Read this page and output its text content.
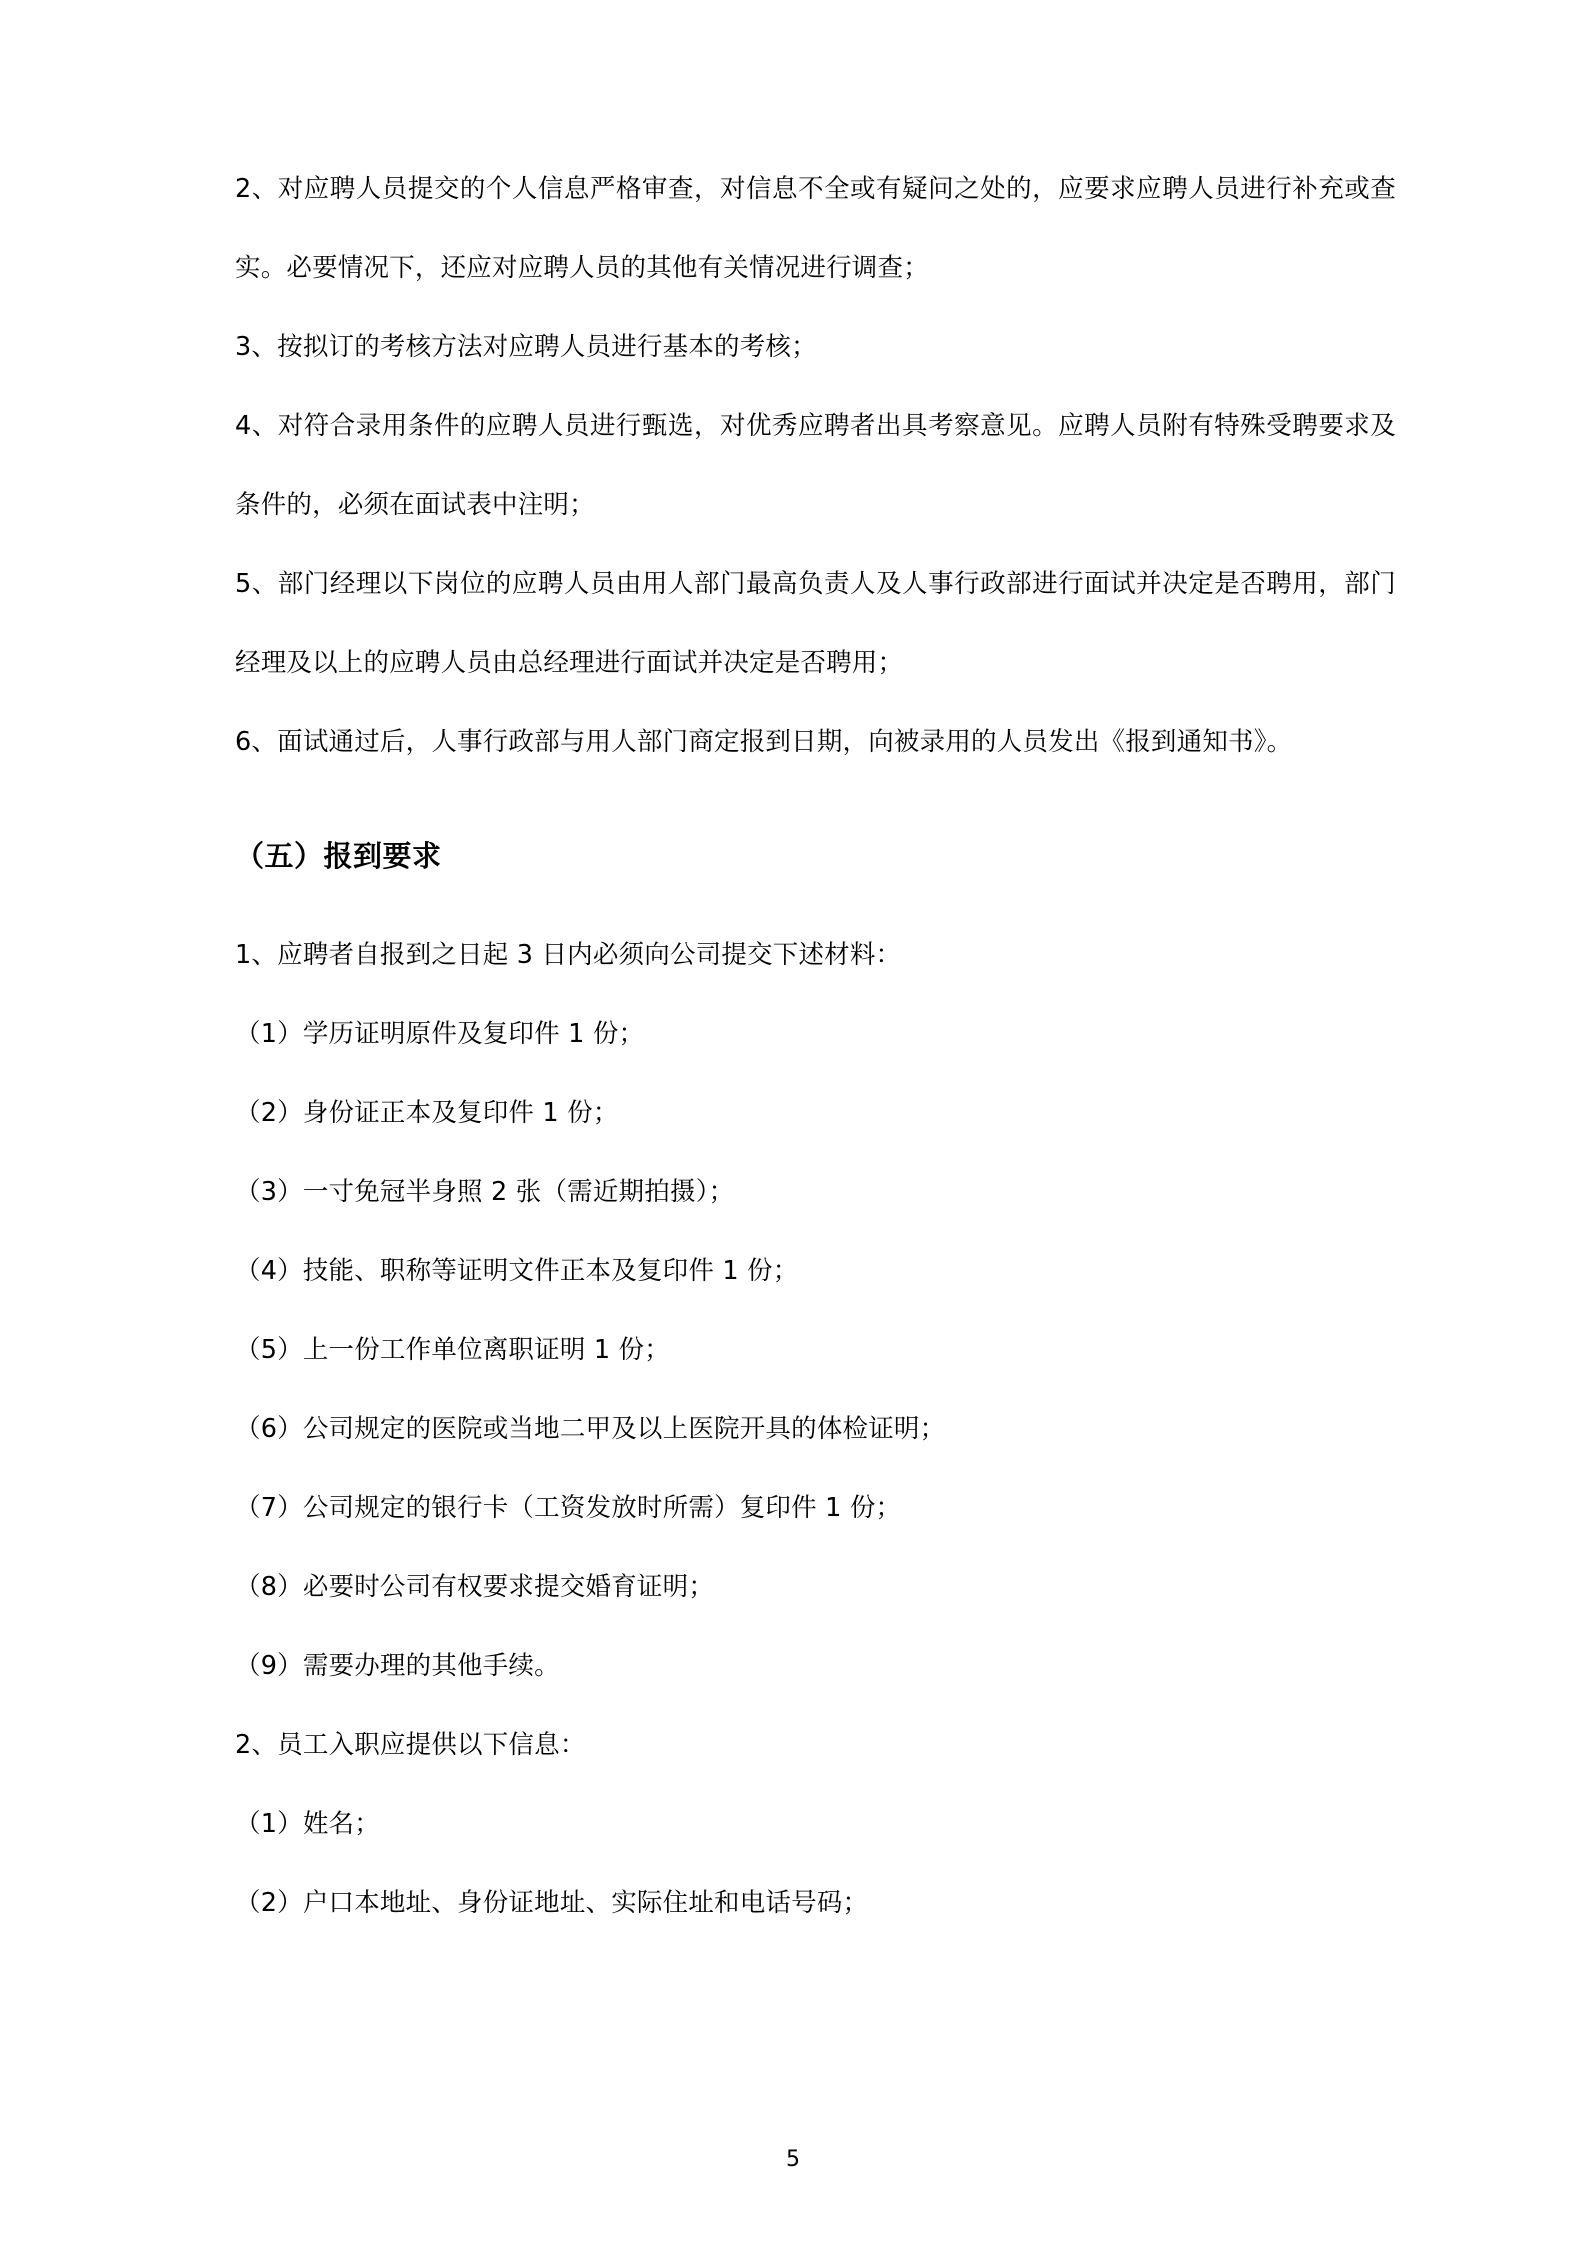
2、对应聘人员提交的个人信息严格审查，对信息不全或有疑问之处的，应要求应聘人员进行补充或查实。必要情况下，还应对应聘人员的其他有关情况进行调查；

3、按拟订的考核方法对应聘人员进行基本的考核；

4、对符合录用条件的应聘人员进行甄选，对优秀应聘者出具考察意见。应聘人员附有特殊受聘要求及条件的，必须在面试表中注明；

5、部门经理以下岗位的应聘人员由用人部门最高负责人及人事行政部进行面试并决定是否聘用，部门经理及以上的应聘人员由总经理进行面试并决定是否聘用；

6、面试通过后，人事行政部与用人部门商定报到日期，向被录用的人员发出《报到通知书》。

（五）报到要求

1、应聘者自报到之日起 3 日内必须向公司提交下述材料：

（1）学历证明原件及复印件 1 份；

（2）身份证正本及复印件 1 份；

（3）一寸免冠半身照 2 张（需近期拍摄）；

（4）技能、职称等证明文件正本及复印件 1 份；

（5）上一份工作单位离职证明 1 份；

（6）公司规定的医院或当地二甲及以上医院开具的体检证明；

（7）公司规定的银行卡（工资发放时所需）复印件 1 份；

（8）必要时公司有权要求提交婚育证明；

（9）需要办理的其他手续。

2、员工入职应提供以下信息：

（1）姓名；

（2）户口本地址、身份证地址、实际住址和电话号码；

5
